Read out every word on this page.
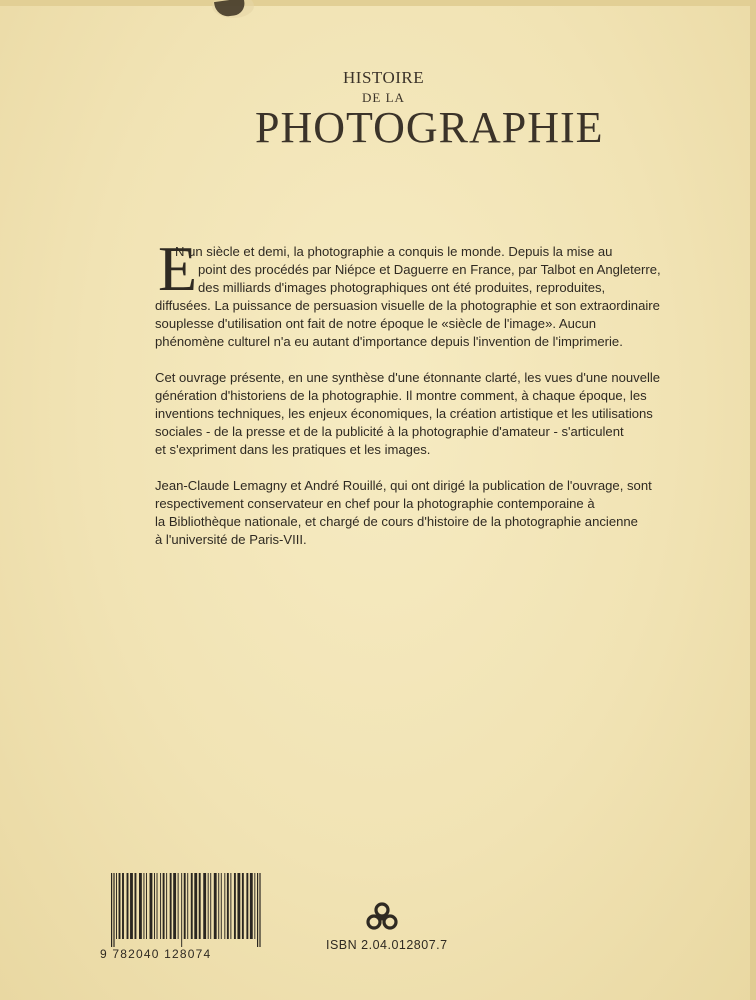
HISTOIRE
DE LA
PHOTOGRAPHIE
E
N un siècle et demi, la photographie a conquis le monde. Depuis la mise au
point des procédés par Niépce et Daguerre en France, par Talbot en Angleterre,
des milliards d'images photographiques ont été produites, reproduites,
diffusées. La puissance de persuasion visuelle de la photographie et son extraordinaire
souplesse d'utilisation ont fait de notre époque le «siècle de l'image». Aucun
phénomène culturel n'a eu autant d'importance depuis l'invention de l'imprimerie.
Cet ouvrage présente, en une synthèse d'une étonnante clarté, les vues d'une nouvelle
génération d'historiens de la photographie. Il montre comment, à chaque époque, les
inventions techniques, les enjeux économiques, la création artistique et les utilisations
sociales - de la presse et de la publicité à la photographie d'amateur - s'articulent
et s'expriment dans les pratiques et les images.
Jean-Claude Lemagny et André Rouillé, qui ont dirigé la publication de l'ouvrage, sont
respectivement conservateur en chef pour la photographie contemporaine à
la Bibliothèque nationale, et chargé de cours d'histoire de la photographie ancienne
à l'université de Paris-VIII.
9 782040 128074
ISBN 2.04.012807.7
